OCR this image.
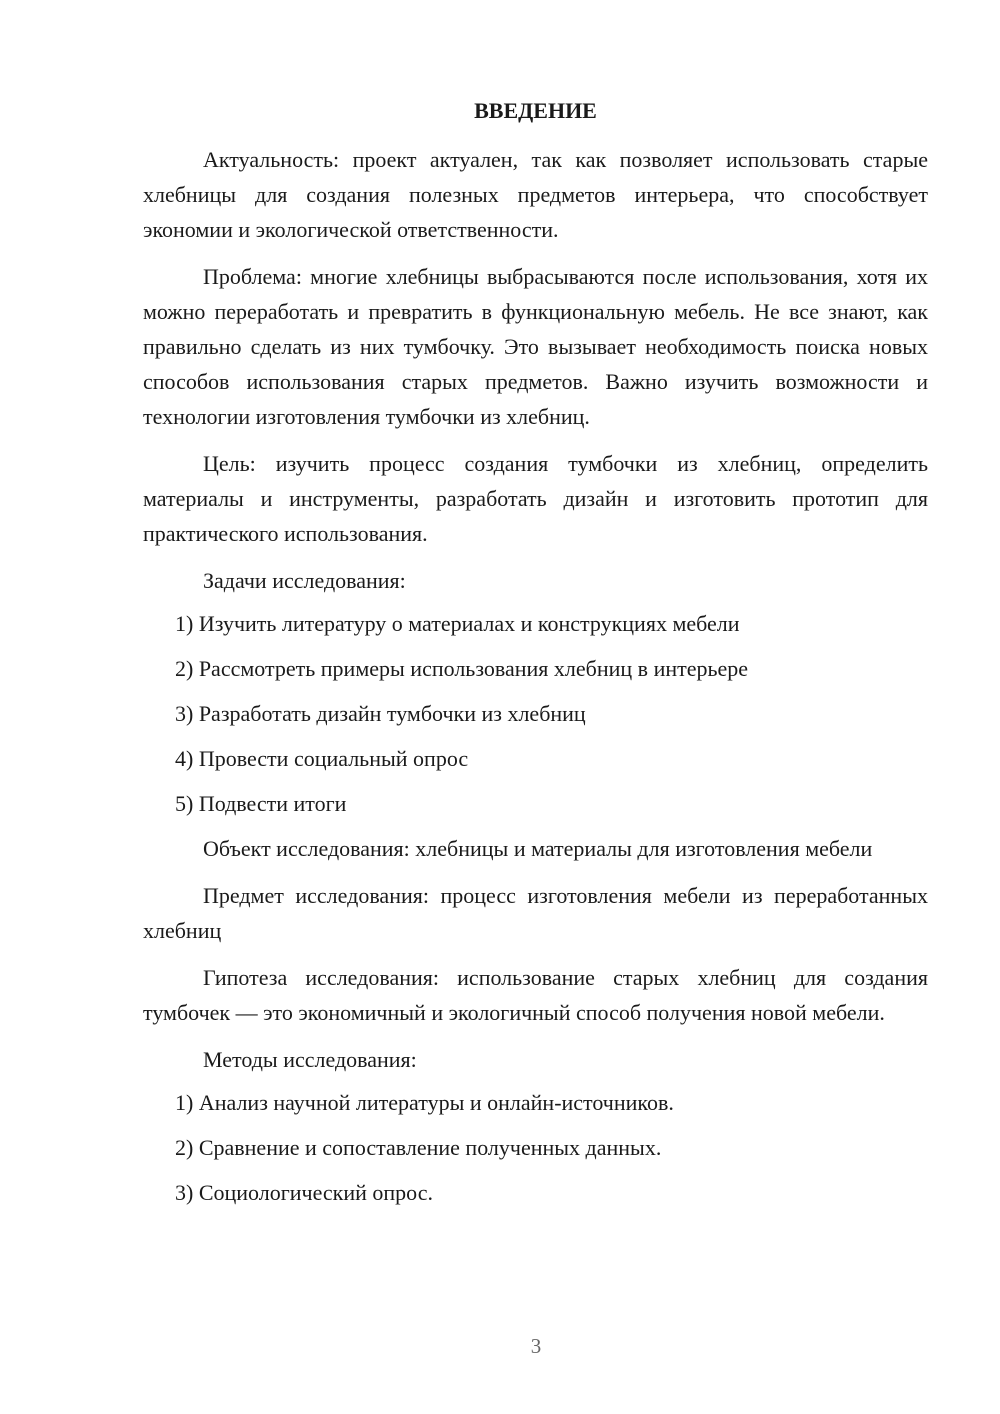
ВВЕДЕНИЕ

Актуальность: проект актуален, так как позволяет использовать старые хлебницы для создания полезных предметов интерьера, что способствует экономии и экологической ответственности.

Проблема: многие хлебницы выбрасываются после использования, хотя их можно переработать и превратить в функциональную мебель. Не все знают, как правильно сделать из них тумбочку. Это вызывает необходимость поиска новых способов использования старых предметов. Важно изучить возможности и технологии изготовления тумбочки из хлебниц.

Цель: изучить процесс создания тумбочки из хлебниц, определить материалы и инструменты, разработать дизайн и изготовить прототип для практического использования.

Задачи исследования:

1) Изучить литературу о материалах и конструкциях мебели
2) Рассмотреть примеры использования хлебниц в интерьере
3) Разработать дизайн тумбочки из хлебниц
4) Провести социальный опрос
5) Подвести итоги

Объект исследования: хлебницы и материалы для изготовления мебели

Предмет исследования: процесс изготовления мебели из переработанных хлебниц

Гипотеза исследования: использование старых хлебниц для создания тумбочек — это экономичный и экологичный способ получения новой мебели.

Методы исследования:

1) Анализ научной литературы и онлайн-источников.
2) Сравнение и сопоставление полученных данных.
3) Социологический опрос.
3
